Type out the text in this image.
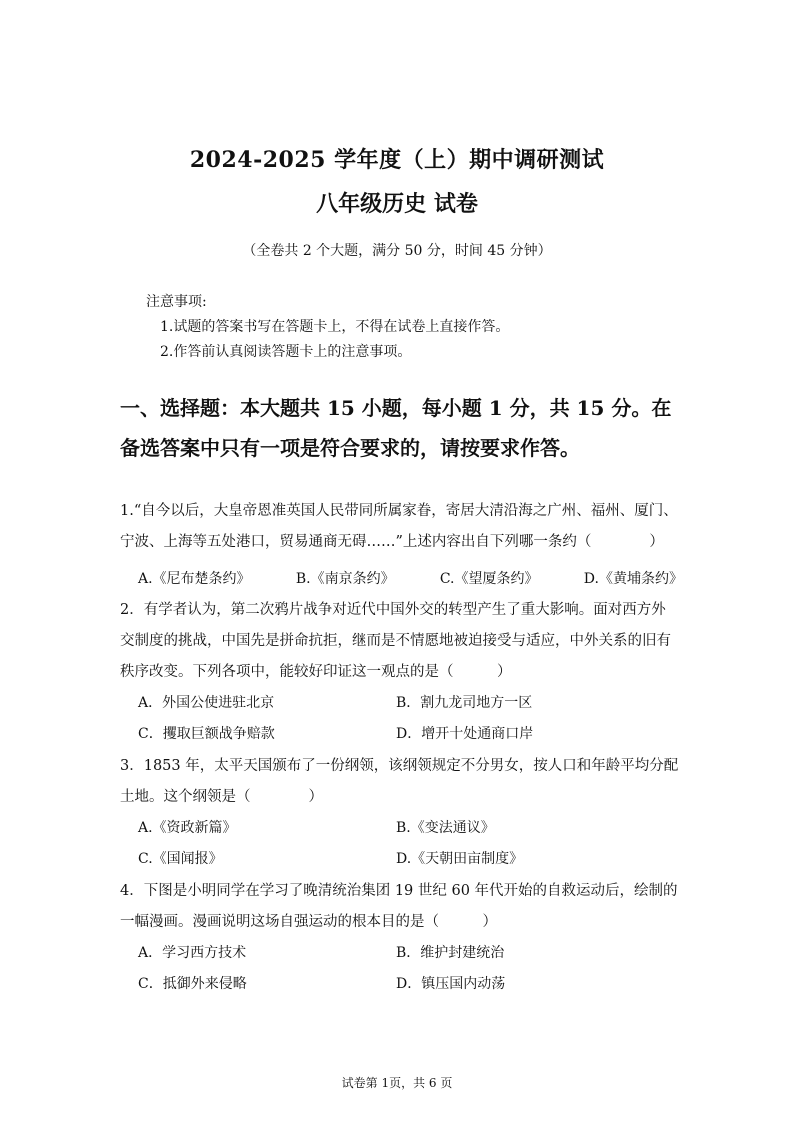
2024-2025 学年度（上）期中调研测试
八年级历史 试卷
（全卷共 2 个大题，满分 50 分，时间 45 分钟）
注意事项:
1.试题的答案书写在答题卡上，不得在试卷上直接作答。
2.作答前认真阅读答题卡上的注意事项。
一、选择题：本大题共 15 小题，每小题 1 分，共 15 分。在备选答案中只有一项是符合要求的，请按要求作答。
1.“自今以后，大皇帝恩准英国人民带同所属家眷，寄居大清沿海之广州、福州、厦门、宁波、上海等五处港口，贸易通商无碍……”上述内容出自下列哪一条约（　　　　）
A.《尼布楚条约》	B.《南京条约》	C.《望厦条约》	D.《黄埔条约》
2．有学者认为，第二次鸦片战争对近代中国外交的转型产生了重大影响。面对西方外交制度的挑战，中国先是拼命抗拒，继而是不情愿地被迫接受与适应，中外关系的旧有秩序改变。下列各项中，能较好印证这一观点的是（　　　）
A．外国公使进驻北京	B．割九龙司地方一区
C．攫取巨额战争赔款	D．增开十处通商口岸
3．1853 年，太平天国颁布了一份纲领，该纲领规定不分男女，按人口和年龄平均分配土地。这个纲领是（　　　　）
A.《资政新篇》	B.《变法通议》
C.《国闻报》	D.《天朝田亩制度》
4．下图是小明同学在学习了晚清统治集团 19 世纪 60 年代开始的自救运动后，绘制的一幅漫画。漫画说明这场自强运动的根本目的是（　　　）
A．学习西方技术	B．维护封建统治
C．抵御外来侵略	D．镇压国内动荡
试卷第 1页，共 6 页
